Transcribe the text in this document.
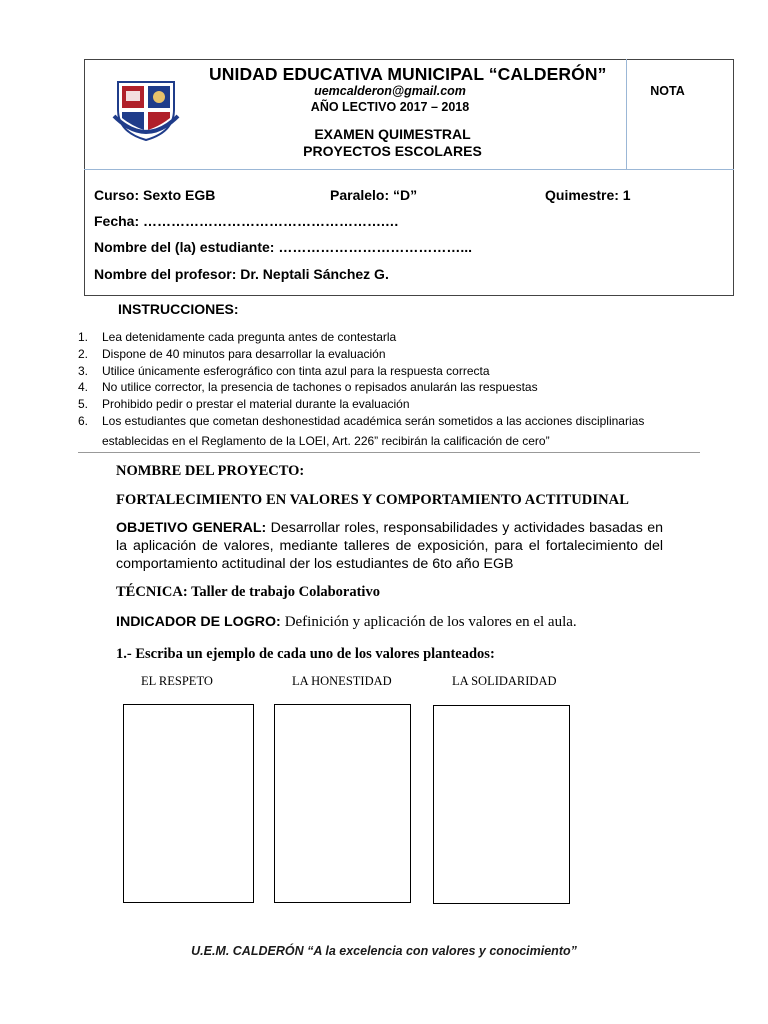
UNIDAD EDUCATIVA MUNICIPAL “CALDERÓN”
uemcalderon@gmail.com
AÑO LECTIVO 2017 – 2018
EXAMEN QUIMESTRAL
PROYECTOS ESCOLARES
NOTA
Curso: Sexto EGB	Paralelo: “D”	Quimestre: 1
Fecha: …………………………………………….…
Nombre del (la) estudiante: …………………………………...
Nombre del profesor: Dr. Neptali Sánchez G.
INSTRUCCIONES:
1. Lea detenidamente cada pregunta antes de contestarla
2. Dispone de 40 minutos para desarrollar la evaluación
3. Utilice únicamente esferográfico con tinta azul para la respuesta correcta
4. No utilice corrector, la presencia de tachones o repisados anularán las respuestas
5. Prohibido pedir o prestar el material durante la evaluación
6. Los estudiantes que cometan deshonestidad académica serán sometidos a las acciones disciplinarias
establecidas en el Reglamento de la LOEI, Art. 226” recibirán la calificación de cero”
NOMBRE DEL PROYECTO:
FORTALECIMIENTO EN VALORES Y COMPORTAMIENTO ACTITUDINAL
OBJETIVO GENERAL: Desarrollar roles, responsabilidades y actividades basadas en la aplicación de valores, mediante talleres de exposición, para el fortalecimiento del comportamiento actitudinal der los estudiantes de 6to año EGB
TÉCNICA: Taller de trabajo Colaborativo
INDICADOR DE LOGRO: Definición y aplicación de los valores en el aula.
1.- Escriba un ejemplo de cada uno de los valores planteados:
EL RESPETO	LA HONESTIDAD	LA SOLIDARIDAD
U.E.M. CALDERÓN “A la excelencia con valores y conocimiento”
